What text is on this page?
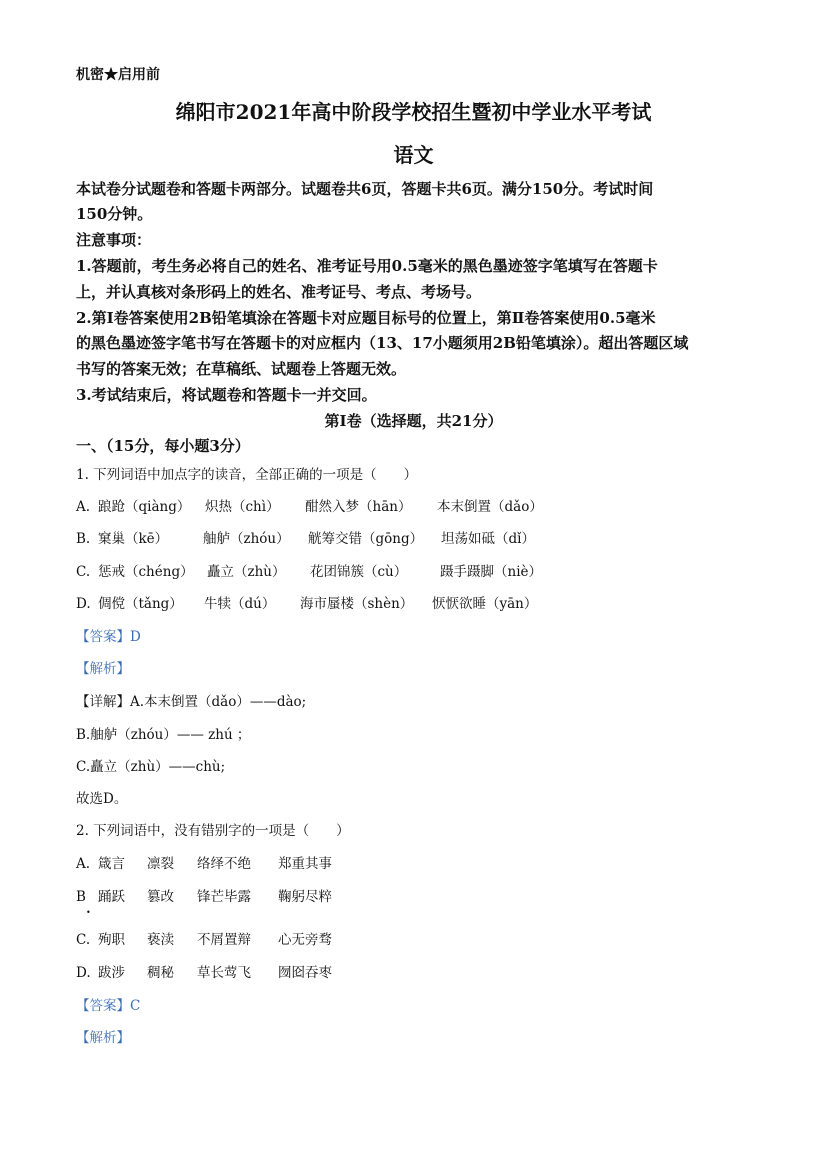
机密★启用前
绵阳市2021年高中阶段学校招生暨初中学业水平考试
语文
本试卷分试题卷和答题卡两部分。试题卷共6页，答题卡共6页。满分150分。考试时间
150分钟。
注意事项：
1.答题前，考生务必将自己的姓名、准考证号用0.5毫米的黑色墨迹签字笔填写在答题卡
上，并认真核对条形码上的姓名、准考证号、考点、考场号。
2.第Ⅰ卷答案使用2B铅笔填涂在答题卡对应题目标号的位置上，第Ⅱ卷答案使用0.5毫米
的黑色墨迹签字笔书写在答题卡的对应框内（13、17小题须用2B铅笔填涂）。超出答题区域
书写的答案无效；在草稿纸、试题卷上答题无效。
3.考试结束后，将试题卷和答题卡一并交回。
第Ⅰ卷（选择题，共21分）
一、（15分，每小题3分）
1. 下列词语中加点字的读音，全部正确的一项是（　　）
A. 踉跄（qiàng） 炽热（chì） 酣然入梦（hān） 本末倒置（dǎo）
B. 窠巢（kē）	舳舻（zhóu） 觥筹交错（gōng） 坦荡如砥（dǐ）
C. 惩戒（chéng） 矗立（zhù） 花团锦簇（cù） 蹑手蹑脚（niè）
D. 倜傥（tǎng） 牛犊（dú） 海市蜃楼（shèn） 恹恹欲睡（yān）
【答案】D
【解析】
【详解】A.本末倒置（dǎo）——dào;
B.舳舻（zhóu）—— zhú ；
C.矗立（zhù）——chù;
故选D。
2. 下列词语中，没有错别字的一项是（　　）
A. 箴言 凛裂 络绎不绝 郑重其事
B 踊跃 篡改 锋芒毕露 鞠躬尽粹
•
C. 殉职 亵渎 不屑置辩 心无旁骛
D. 跋涉 稠秘 草长莺飞 囫囵吞枣
【答案】C
【解析】
